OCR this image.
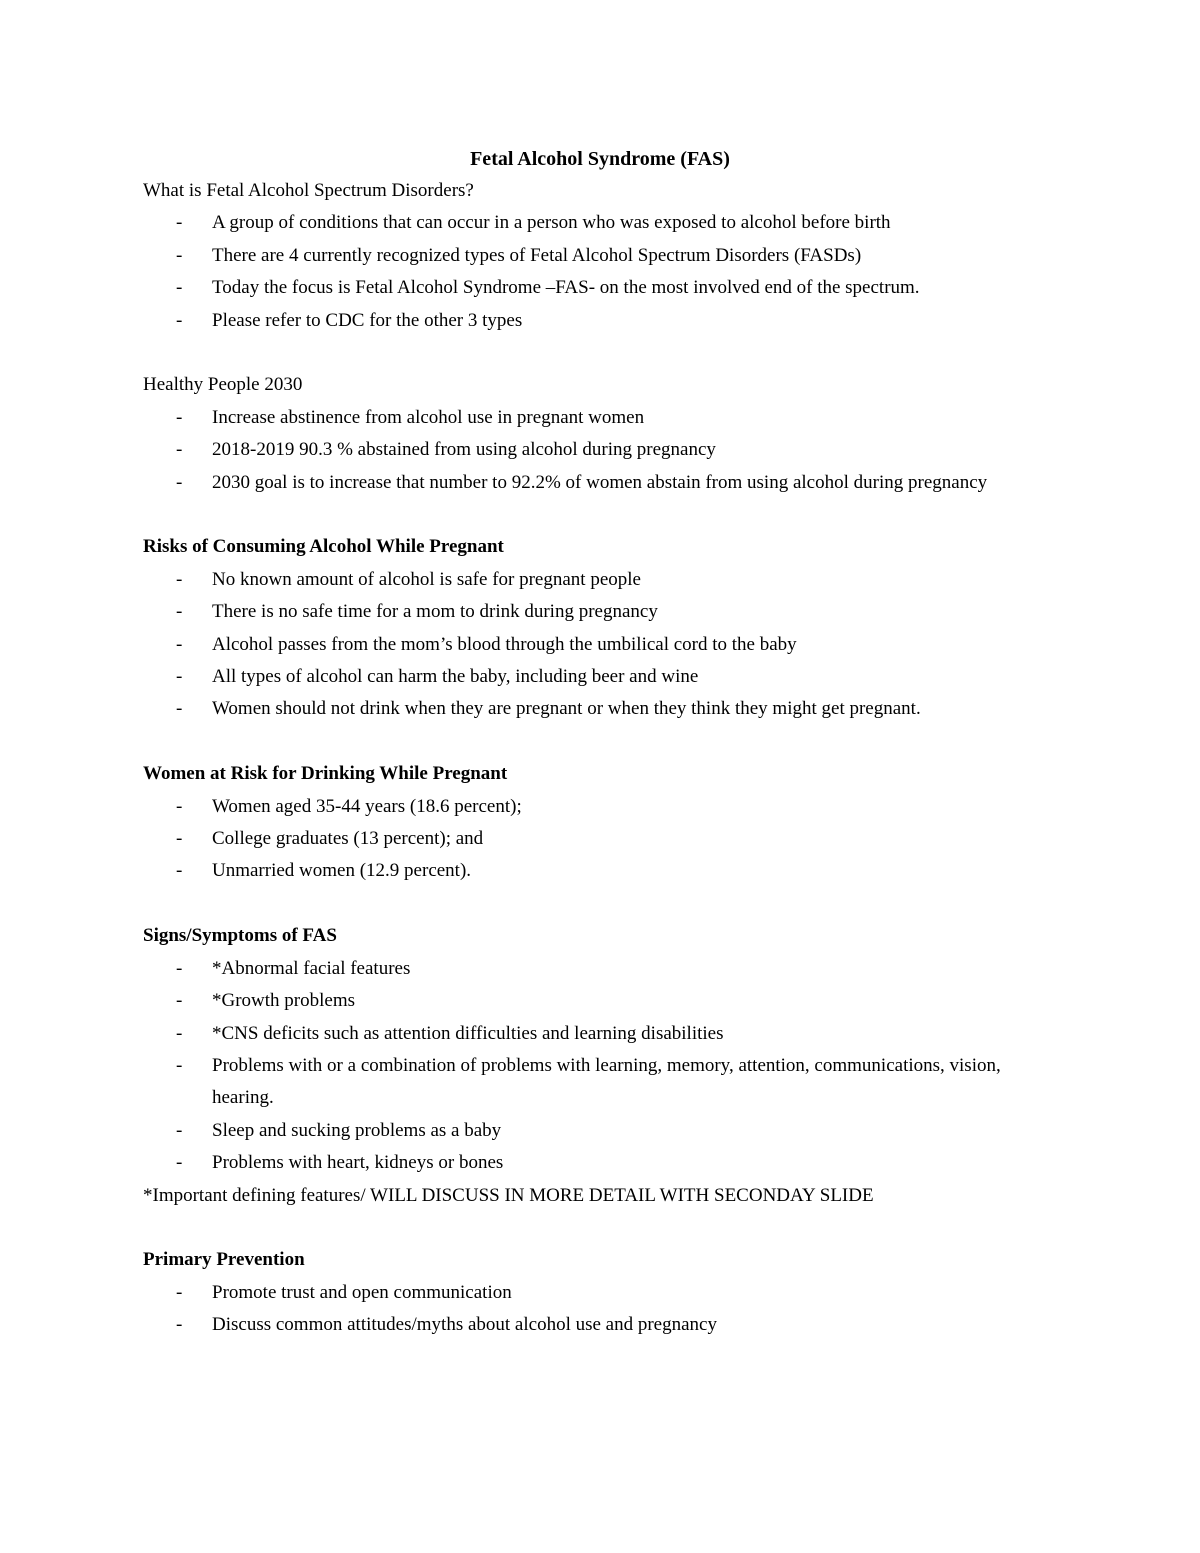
Fetal Alcohol Syndrome (FAS)

What is Fetal Alcohol Spectrum Disorders?

- A group of conditions that can occur in a person who was exposed to alcohol before birth
- There are 4 currently recognized types of Fetal Alcohol Spectrum Disorders (FASDs)
- Today the focus is Fetal Alcohol Syndrome –FAS- on the most involved end of the spectrum.
- Please refer to CDC for the other 3 types

Healthy People 2030

- Increase abstinence from alcohol use in pregnant women
- 2018-2019 90.3 % abstained from using alcohol during pregnancy
- 2030 goal is to increase that number to 92.2% of women abstain from using alcohol during pregnancy

Risks of Consuming Alcohol While Pregnant

- No known amount of alcohol is safe for pregnant people
- There is no safe time for a mom to drink during pregnancy
- Alcohol passes from the mom’s blood through the umbilical cord to the baby
- All types of alcohol can harm the baby, including beer and wine
- Women should not drink when they are pregnant or when they think they might get pregnant.

Women at Risk for Drinking While Pregnant

- Women aged 35-44 years (18.6 percent);
- College graduates (13 percent); and
- Unmarried women (12.9 percent).

Signs/Symptoms of FAS

- *Abnormal facial features
- *Growth problems
- *CNS deficits such as attention difficulties and learning disabilities
- Problems with or a combination of problems with learning, memory, attention, communications, vision, hearing.
- Sleep and sucking problems as a baby
- Problems with heart, kidneys or bones

*Important defining features/ WILL DISCUSS IN MORE DETAIL WITH SECONDAY SLIDE

Primary Prevention

- Promote trust and open communication
- Discuss common attitudes/myths about alcohol use and pregnancy
